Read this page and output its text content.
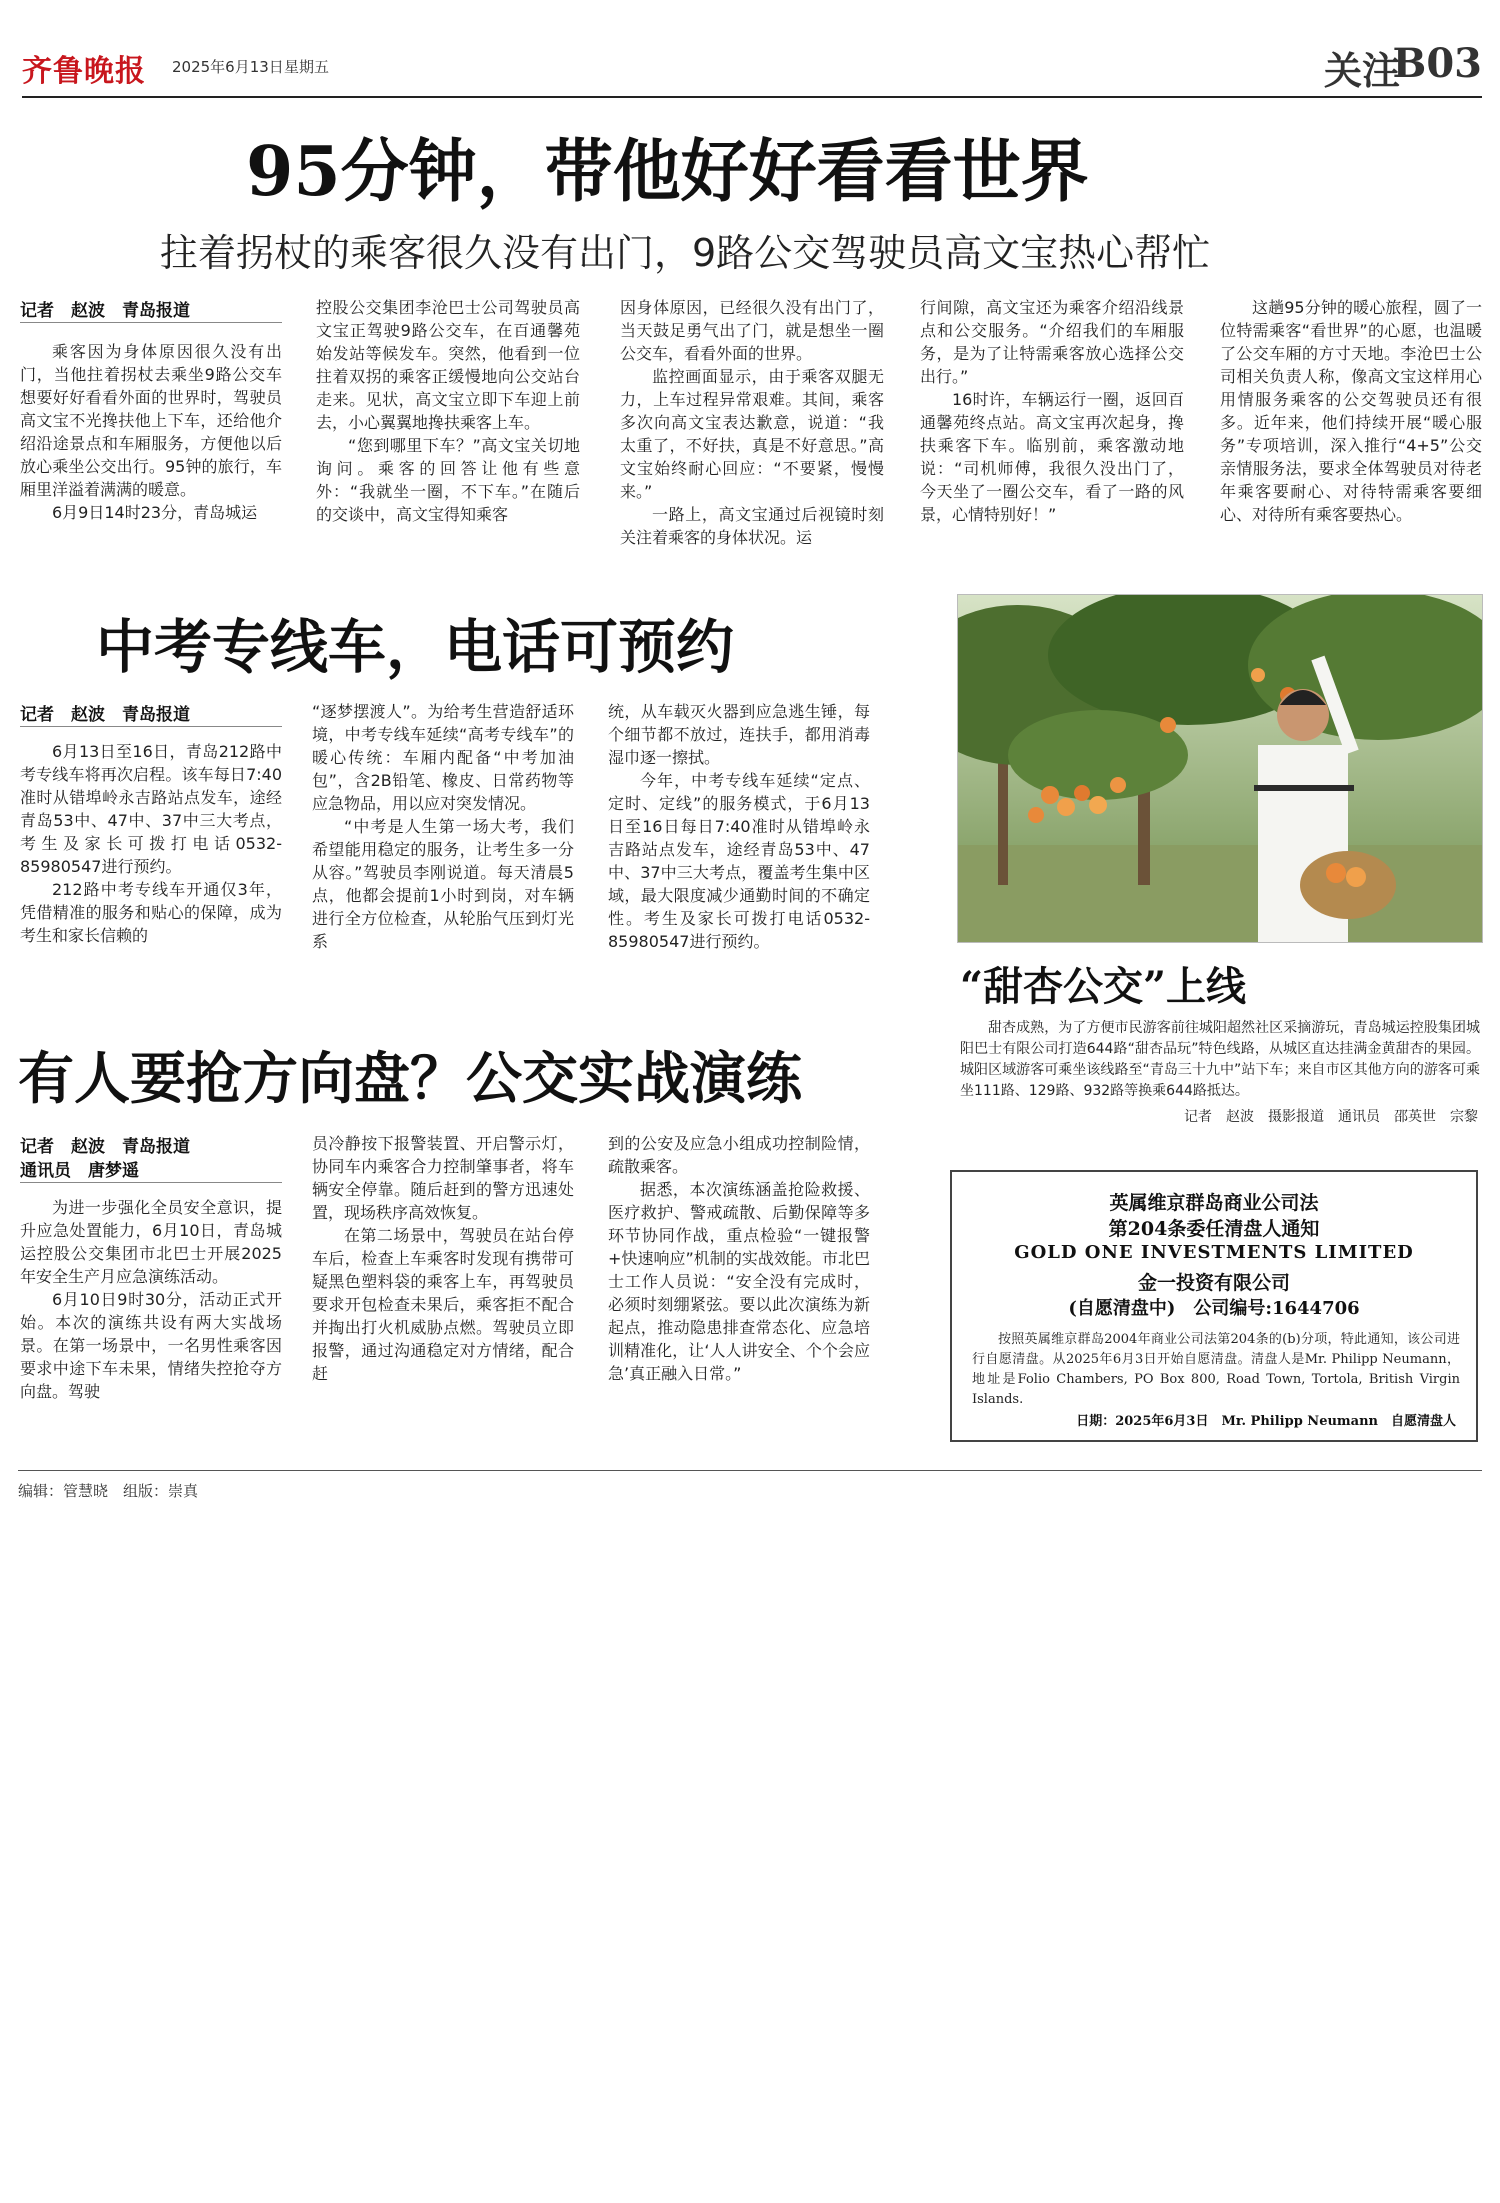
齐鲁晚报 2025年6月13日 星期五	关注
B03
95分钟，带他好好看看世界
拄着拐杖的乘客很久没有出门，9路公交驾驶员高文宝热心帮忙
记者　赵波　青岛报道

乘客因为身体原因很久没有出门，当他拄着拐杖去乘坐9路公交车想要好好看看外面的世界时，驾驶员高文宝不光搀扶他上下车，还给他介绍沿途景点和车厢服务，方便他以后放心乘坐公交出行。95钟的旅行，车厢里洋溢着满满的暖意。

6月9日14时23分，青岛城运

控股公交集团李沧巴士公司驾驶员高文宝正驾驶9路公交车，在百通馨苑始发站等候发车。突然，他看到一位拄着双拐的乘客正缓慢地向公交站台走来。见状，高文宝立即下车迎上前去，小心翼翼地搀扶乘客上车。

“您到哪里下车？”高文宝关切地询问。乘客的回答让他有些意外：“我就坐一圈，不下车。”在随后的交谈中，高文宝得知乘客

因身体原因，已经很久没有出门了，当天鼓足勇气出了门，就是想坐一圈公交车，看看外面的世界。

监控画面显示，由于乘客双腿无力，上车过程异常艰难。其间，乘客多次向高文宝表达歉意，说道：“我太重了，不好扶，真是不好意思。”高文宝始终耐心回应：“不要紧，慢慢来。”

一路上，高文宝通过后视镜时刻关注着乘客的身体状况。运

行间隙，高文宝还为乘客介绍沿线景点和公交服务。“介绍我们的车厢服务，是为了让特需乘客放心选择公交出行。”

16时许，车辆运行一圈，返回百通馨苑终点站。高文宝再次起身，搀扶乘客下车。临别前，乘客激动地说：“司机师傅，我很久没出门了，今天坐了一圈公交车，看了一路的风景，心情特别好！”

这趟95分钟的暖心旅程，圆了一位特需乘客“看世界”的心愿，也温暖了公交车厢的方寸天地。李沧巴士公司相关负责人称，像高文宝这样用心用情服务乘客的公交驾驶员还有很多。近年来，他们持续开展“暖心服务”专项培训，深入推行“4+5”公交亲情服务法，要求全体驾驶员对待老年乘客要耐心、对待特需乘客要细心、对待所有乘客要热心。

中考专线车，电话可预约
记者　赵波　青岛报道

6月13日至16日，青岛212路中考专线车将再次启程。该车每日7:40准时从错埠岭永吉路站点发车，途经青岛53中、47中、37中三大考点，考生及家长可拨打电话0532-85980547进行预约。

212路中考专线车开通仅3年，凭借精准的服务和贴心的保障，成为考生和家长信赖的

“逐梦摆渡人”。为给考生营造舒适环境，中考专线车延续“高考专线车”的暖心传统：车厢内配备“中考加油包”，含2B铅笔、橡皮、日常药物等应急物品，用以应对突发情况。

“中考是人生第一场大考，我们希望能用稳定的服务，让考生多一分从容。”驾驶员李刚说道。每天清晨5点，他都会提前1小时到岗，对车辆进行全方位检查，从轮胎气压到灯光系

统，从车载灭火器到应急逃生锤，每个细节都不放过，连扶手，都用消毒湿巾逐一擦拭。

今年，中考专线车延续“定点、定时、定线”的服务模式，于6月13日至16日每日7:40准时从错埠岭永吉路站点发车，途经青岛53中、47中、37中三大考点，覆盖考生集中区域，最大限度减少通勤时间的不确定性。考生及家长可拨打电话0532-85980547进行预约。

“甜杏公交”上线

甜杏成熟，为了方便市民游客前往城阳超然社区采摘游玩，青岛城运控股集团城阳巴士有限公司打造644路“甜杏品玩”特色线路，从城区直达挂满金黄甜杏的果园。城阳区域游客可乘坐该线路至“青岛三十九中”站下车；来自市区其他方向的游客可乘坐111路、129路、932路等换乘644路抵达。

记者　赵波　摄影报道　通讯员　邵英世　宗黎
有人要抢方向盘？公交实战演练
记者　赵波　青岛报道
通讯员　唐梦遥

为进一步强化全员安全意识，提升应急处置能力，6月10日，青岛城运控股公交集团市北巴士开展2025年安全生产月应急演练活动。

6月10日9时30分，活动正式开始。本次的演练共设有两大实战场景。在第一场景中，一名男性乘客因要求中途下车未果，情绪失控抢夺方向盘。驾驶

员冷静按下报警装置、开启警示灯，协同车内乘客合力控制肇事者，将车辆安全停靠。随后赶到的警方迅速处置，现场秩序高效恢复。

在第二场景中，驾驶员在站台停车后，检查上车乘客时发现有携带可疑黑色塑料袋的乘客上车，再驾驶员要求开包检查未果后，乘客拒不配合并掏出打火机威胁点燃。驾驶员立即报警，通过沟通稳定对方情绪，配合赶

到的公安及应急小组成功控制险情，疏散乘客。

据悉，本次演练涵盖抢险救援、医疗救护、警戒疏散、后勤保障等多环节协同作战，重点检验“一键报警+快速响应”机制的实战效能。市北巴士工作人员说：“安全没有完成时，必须时刻绷紧弦。要以此次演练为新起点，推动隐患排查常态化、应急培训精准化，让‘人人讲安全、个个会应急’真正融入日常。”

英属维京群岛商业公司法
第204条委任清盘人通知
GOLD ONE INVESTMENTS LIMITED
金一投资有限公司
(自愿清盘中)　公司编号:1644706

按照英属维京群岛2004年商业公司法第204条的(b)分项，特此通知，该公司进行自愿清盘。从2025年6月3日开始自愿清盘。清盘人是Mr. Philipp Neumann，地址是Folio Chambers, PO Box 800, Road Town, Tortola, British Virgin Islands.

日期：2025年6月3日　Mr. Philipp Neumann　自愿清盘人
编辑：管慧晓　组版：崇真
